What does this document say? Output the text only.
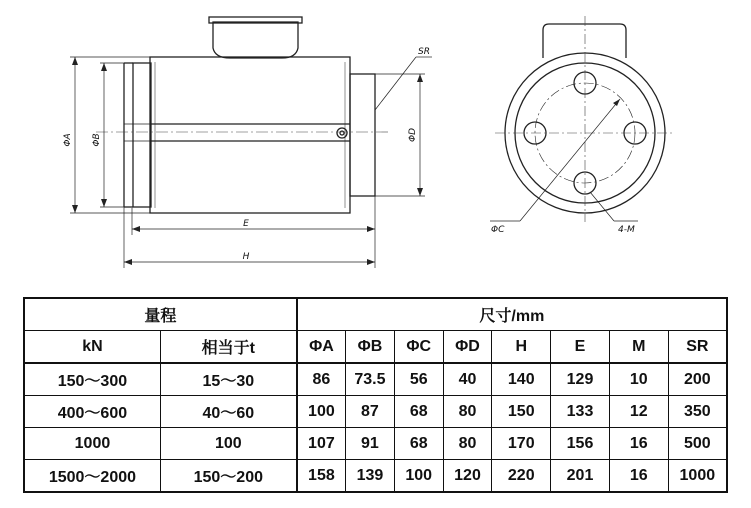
ΦA ΦB	ΦD
SR
E
H
ΦC	4-M
量程		尺寸/mm							
kN	相当于t	ΦA	ΦB	ΦC	ΦD	H	E	M	SR
150～300	15～30	86	73.5	56	40	140	129	10	200
400～600	40～60	100	87	68	80	150	133	12	350
1000	100	107	91	68	80	170	156	16	500
1500～2000	150～200	158	139	100	120	220	201	16	1000
